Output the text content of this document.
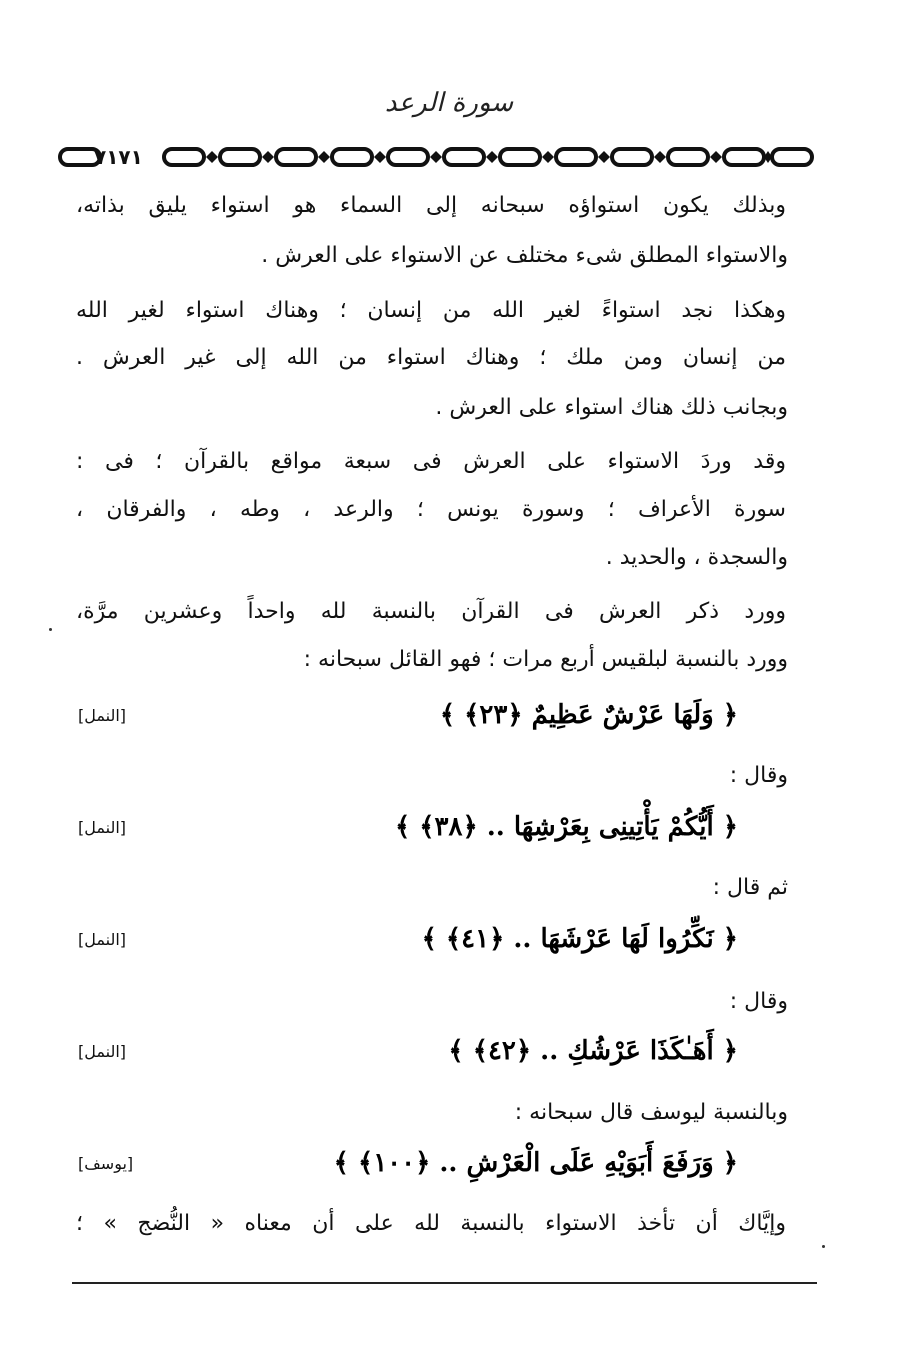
سورة الرعد
٧١٧١
وبذلك يكون استواؤه سبحانه إلى السماء هو استواء يليق بذاته،
والاستواء المطلق شىء مختلف عن الاستواء على العرش .
وهكذا نجد استواءً لغير الله من إنسان ؛ وهناك استواء لغير الله
من إنسان ومن ملك ؛ وهناك استواء من الله إلى غير العرش .
وبجانب ذلك هناك استواء على العرش .
وقد وردَ الاستواء على العرش فى سبعة مواقع بالقرآن ؛ فى :
سورة الأعراف ؛ وسورة يونس ؛ والرعد ، وطه ، والفرقان ،
والسجدة ، والحديد .
وورد ذكر العرش فى القرآن بالنسبة لله واحداً وعشرين مرَّة،
وورد بالنسبة لبلقيس أربع مرات ؛ فهو القائل سبحانه :
﴿ وَلَهَا عَرْشٌ عَظِيمٌ ﴿٢٣﴾ ﴾
[النمل]
وقال :
﴿ أَيُّكُمْ يَأْتِينِى بِعَرْشِهَا .. ﴿٣٨﴾ ﴾
[النمل]
ثم قال :
﴿ نَكِّرُوا لَهَا عَرْشَهَا .. ﴿٤١﴾ ﴾
[النمل]
وقال :
﴿ أَهَـٰكَذَا عَرْشُكِ .. ﴿٤٢﴾ ﴾
[النمل]
وبالنسبة ليوسف قال سبحانه :
﴿ وَرَفَعَ أَبَوَيْهِ عَلَى الْعَرْشِ .. ﴿١٠٠﴾ ﴾
[يوسف]
وإيَّاك أن تأخذ الاستواء بالنسبة لله على أن معناه « النُّضج » ؛
